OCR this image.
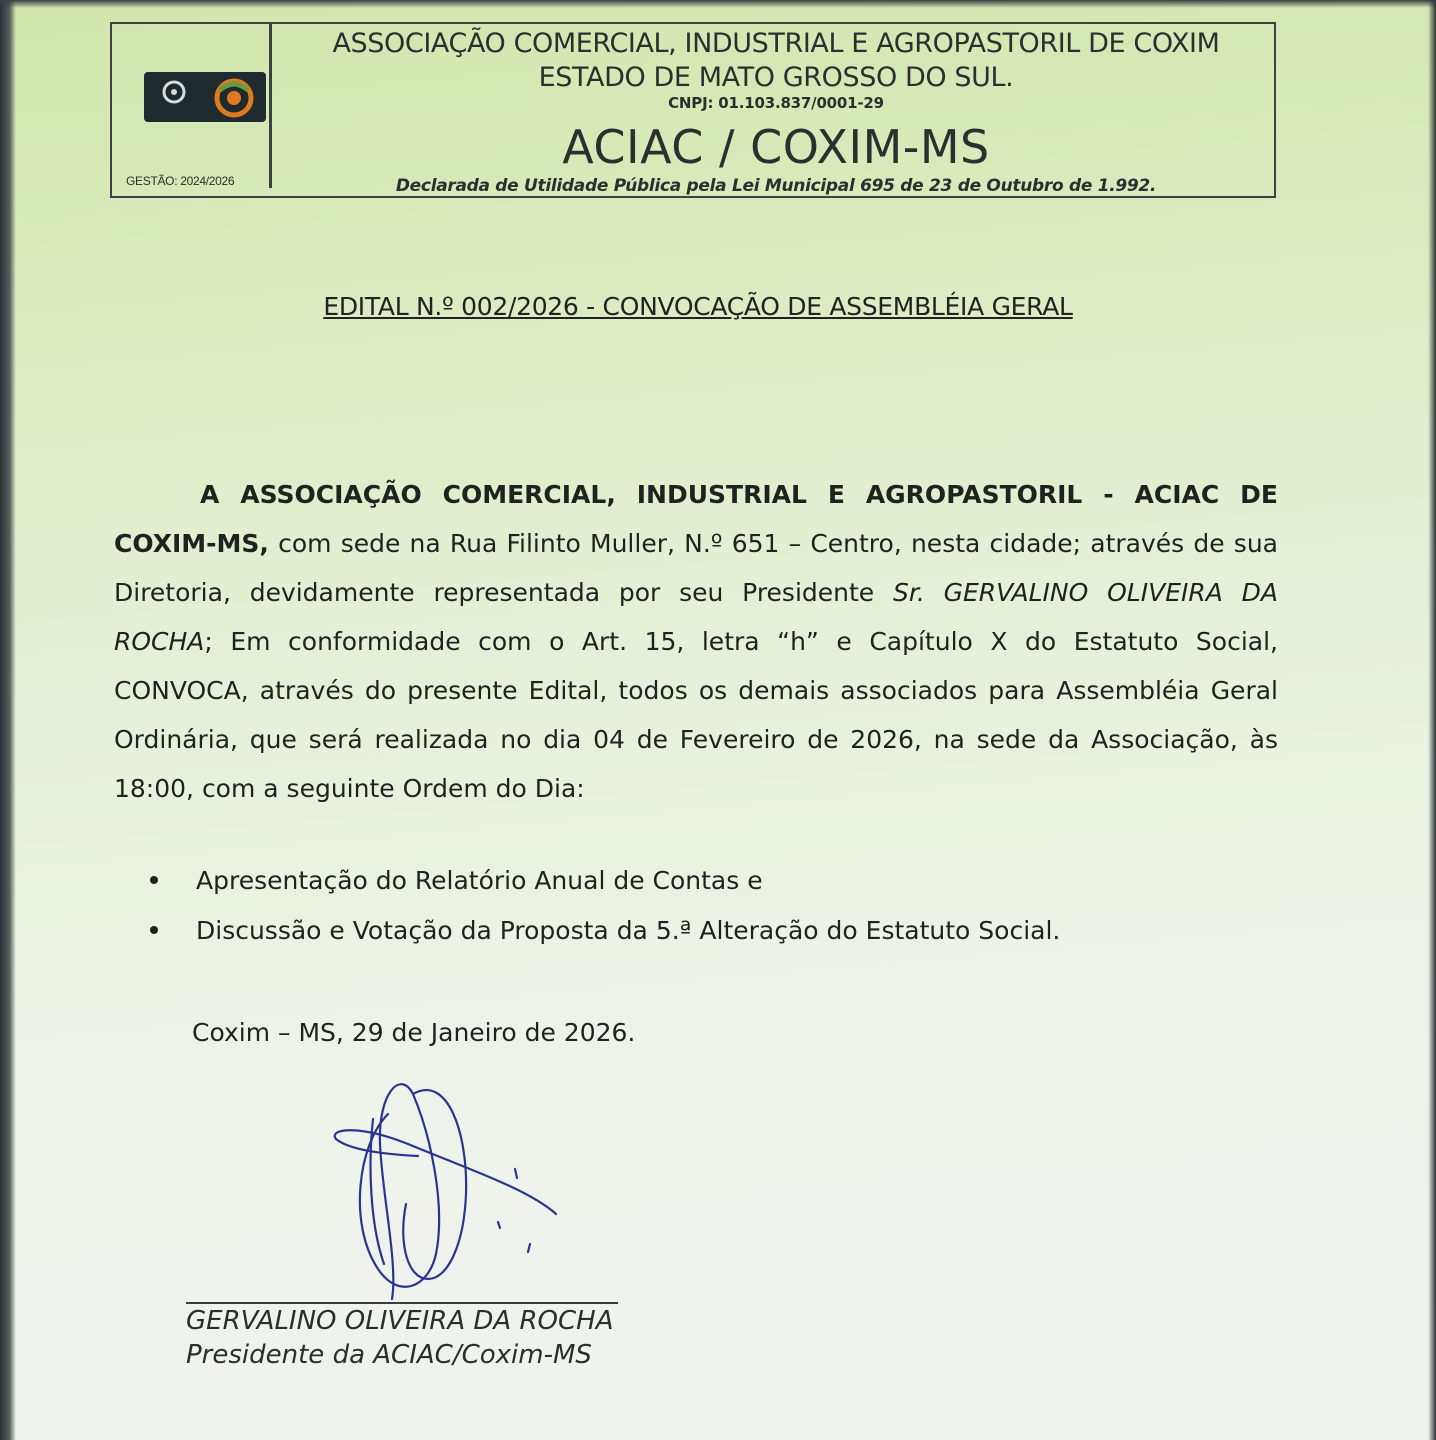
GESTÃO: 2024/2026
ASSOCIAÇÃO COMERCIAL, INDUSTRIAL E AGROPASTORIL DE COXIM
ESTADO DE MATO GROSSO DO SUL.
CNPJ: 01.103.837/0001-29
ACIAC / COXIM-MS
Declarada de Utilidade Pública pela Lei Municipal 695 de 23 de Outubro de 1.992.
EDITAL N.º 002/2026 - CONVOCAÇÃO DE ASSEMBLÉIA GERAL
A ASSOCIAÇÃO COMERCIAL, INDUSTRIAL E AGROPASTORIL - ACIAC DE COXIM-MS, com sede na Rua Filinto Muller, N.º 651 – Centro, nesta cidade; através de sua Diretoria, devidamente representada por seu Presidente Sr. GERVALINO OLIVEIRA DA ROCHA; Em conformidade com o Art. 15, letra “h” e Capítulo X do Estatuto Social, CONVOCA, através do presente Edital, todos os demais associados para Assembléia Geral Ordinária, que será realizada no dia 04 de Fevereiro de 2026, na sede da Associação, às 18:00, com a seguinte Ordem do Dia:
Apresentação do Relatório Anual de Contas e
Discussão e Votação da Proposta da 5.ª Alteração do Estatuto Social.
Coxim – MS, 29 de Janeiro de 2026.
GERVALINO OLIVEIRA DA ROCHA
Presidente da ACIAC/Coxim-MS
